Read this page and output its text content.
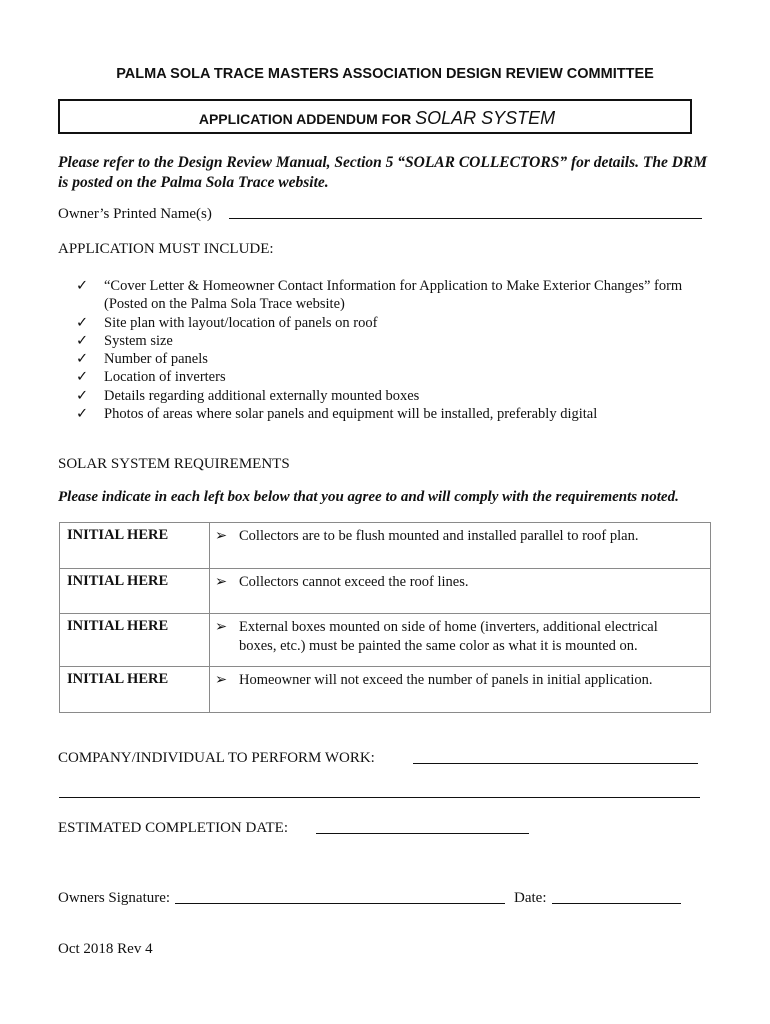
PALMA SOLA TRACE MASTERS ASSOCIATION DESIGN REVIEW COMMITTEE
APPLICATION ADDENDUM FOR SOLAR SYSTEM
Please refer to the Design Review Manual, Section 5 “SOLAR COLLECTORS” for details. The DRM
is posted on the Palma Sola Trace website.
Owner’s Printed Name(s)
APPLICATION MUST INCLUDE:
✓	“Cover Letter & Homeowner Contact Information for Application to Make Exterior Changes” form
(Posted on the Palma Sola Trace website)
✓	Site plan with layout/location of panels on roof
✓	System size
✓	Number of panels
✓	Location of inverters
✓	Details regarding additional externally mounted boxes
✓	Photos of areas where solar panels and equipment will be installed, preferably digital
SOLAR SYSTEM REQUIREMENTS
Please indicate in each left box below that you agree to and will comply with the requirements noted.
INITIAL HERE	➢ Collectors are to be flush mounted and installed parallel to roof plan.
INITIAL HERE	➢ Collectors cannot exceed the roof lines.
INITIAL HERE	➢ External boxes mounted on side of home (inverters, additional electrical
boxes, etc.) must be painted the same color as what it is mounted on.

INITIAL HERE	➢ Homeowner will not exceed the number of panels in initial application.
COMPANY/INDIVIDUAL TO PERFORM WORK:
ESTIMATED COMPLETION DATE:
Owners Signature:	Date:
Oct 2018 Rev 4
